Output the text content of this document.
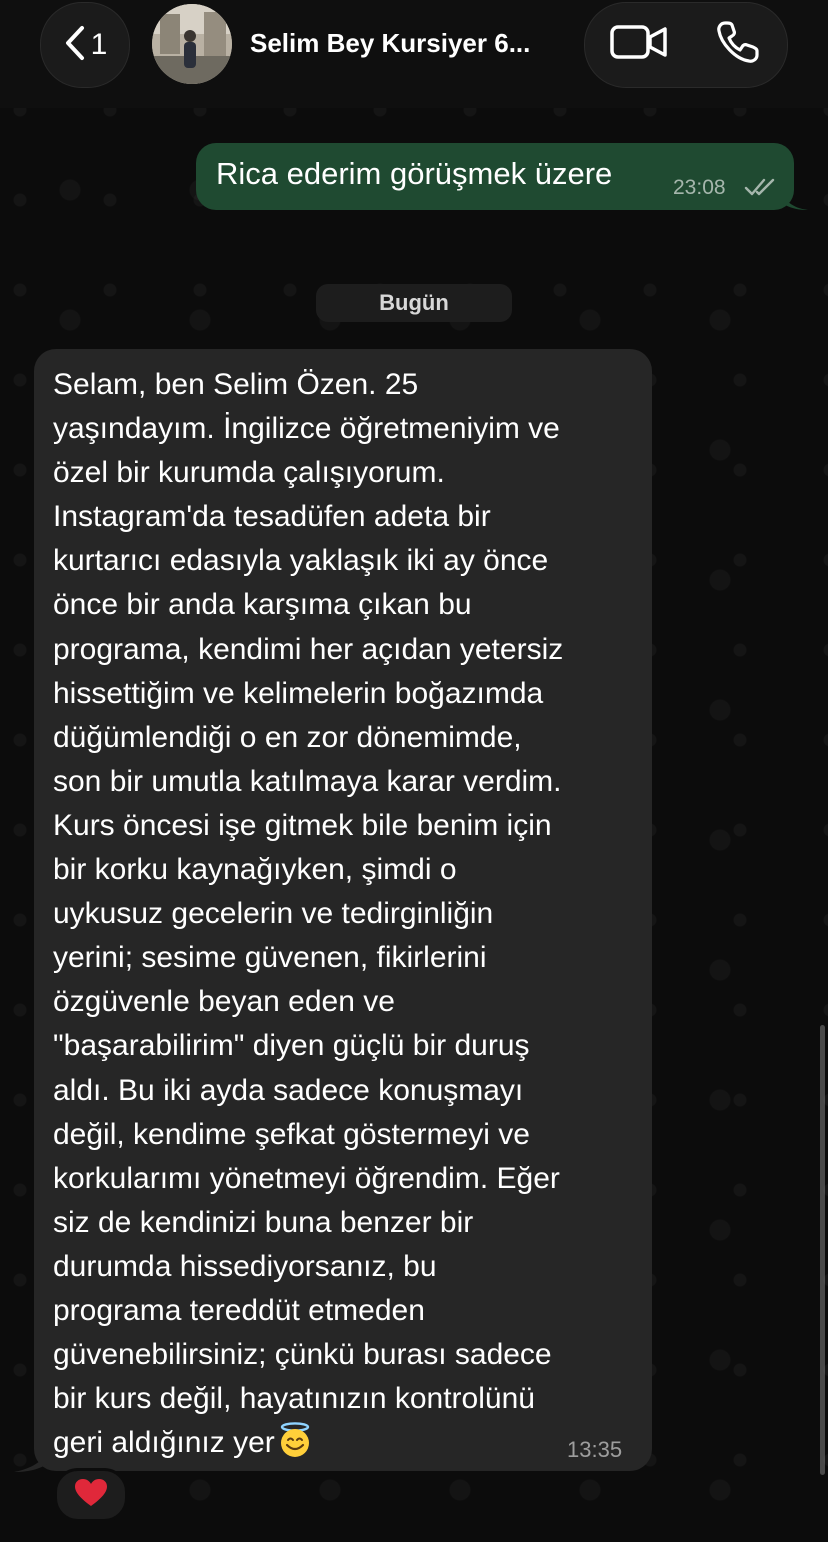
1	Selim Bey Kursiyer 6...
Rica ederim görüşmek üzere	23:08
Bugün
Selam, ben Selim Özen. 25
yaşındayım. İngilizce öğretmeniyim ve
özel bir kurumda çalışıyorum.
Instagram'da tesadüfen adeta bir
kurtarıcı edasıyla yaklaşık iki ay önce
önce bir anda karşıma çıkan bu
programa, kendimi her açıdan yetersiz
hissettiğim ve kelimelerin boğazımda
düğümlendiği o en zor dönemimde,
son bir umutla katılmaya karar verdim.
Kurs öncesi işe gitmek bile benim için
bir korku kaynağıyken, şimdi o
uykusuz gecelerin ve tedirginliğin
yerini; sesime güvenen, fikirlerini
özgüvenle beyan eden ve
"başarabilirim" diyen güçlü bir duruş
aldı. Bu iki ayda sadece konuşmayı
değil, kendime şefkat göstermeyi ve
korkularımı yönetmeyi öğrendim. Eğer
siz de kendinizi buna benzer bir
durumda hissediyorsanız, bu
programa tereddüt etmeden
güvenebilirsiniz; çünkü burası sadece
bir kurs değil, hayatınızın kontrolünü
geri aldığınız yer	13:35
